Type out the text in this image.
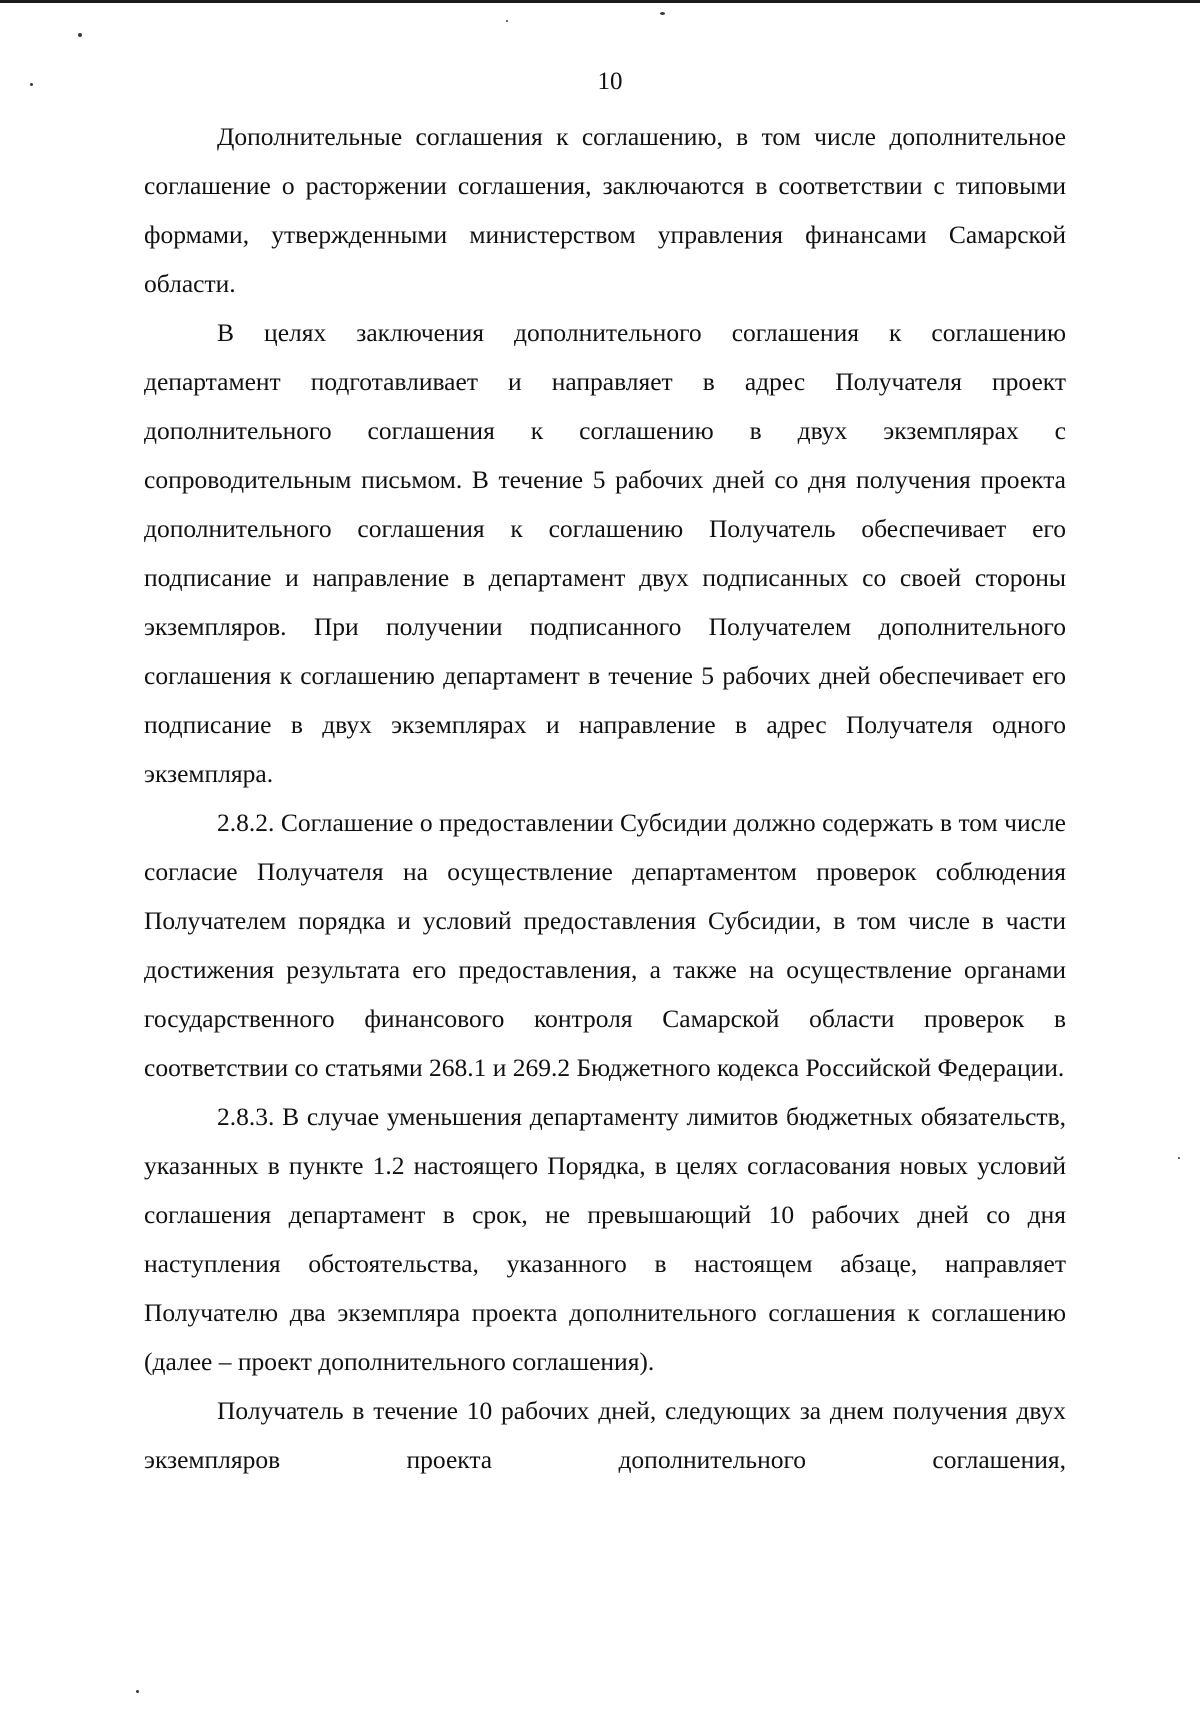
10

Дополнительные соглашения к соглашению, в том числе дополнительное соглашение о расторжении соглашения, заключаются в соответствии с типовыми формами, утвержденными министерством управления финансами Самарской области.

В целях заключения дополнительного соглашения к соглашению департамент подготавливает и направляет в адрес Получателя проект дополнительного соглашения к соглашению в двух экземплярах с сопроводительным письмом. В течение 5 рабочих дней со дня получения проекта дополнительного соглашения к соглашению Получатель обеспечивает его подписание и направление в департамент двух подписанных со своей стороны экземпляров. При получении подписанного Получателем дополнительного соглашения к соглашению департамент в течение 5 рабочих дней обеспечивает его подписание в двух экземплярах и направление в адрес Получателя одного экземпляра.

2.8.2. Соглашение о предоставлении Субсидии должно содержать в том числе согласие Получателя на осуществление департаментом проверок соблюдения Получателем порядка и условий предоставления Субсидии, в том числе в части достижения результата его предоставления, а также на осуществление органами государственного финансового контроля Самарской области проверок в соответствии со статьями 268.1 и 269.2 Бюджетного кодекса Российской Федерации.

2.8.3. В случае уменьшения департаменту лимитов бюджетных обязательств, указанных в пункте 1.2 настоящего Порядка, в целях согласования новых условий соглашения департамент в срок, не превышающий 10 рабочих дней со дня наступления обстоятельства, указанного в настоящем абзаце, направляет Получателю два экземпляра проекта дополнительного соглашения к соглашению (далее – проект дополнительного соглашения).

Получатель в течение 10 рабочих дней, следующих за днем получения двух экземпляров проекта дополнительного соглашения,
